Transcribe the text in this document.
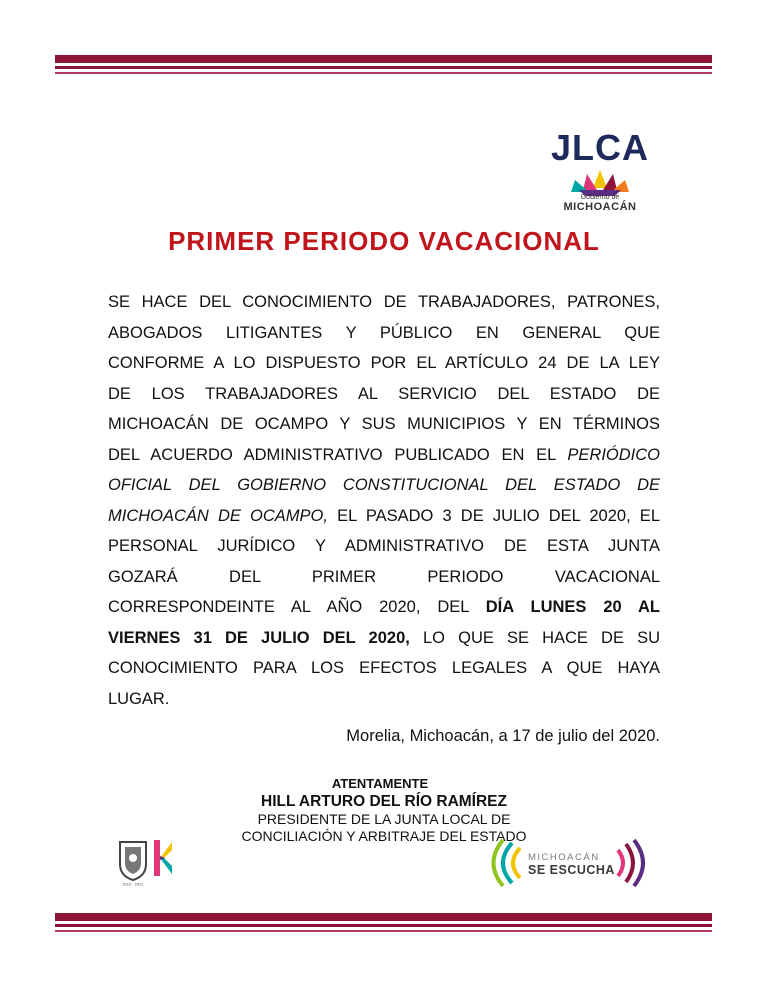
JLCA
Gobierno de
MICHOACÁN
PRIMER PERIODO VACACIONAL
SE HACE DEL CONOCIMIENTO DE TRABAJADORES, PATRONES,
ABOGADOS LITIGANTES Y PÚBLICO EN GENERAL QUE
CONFORME A LO DISPUESTO POR EL ARTÍCULO 24 DE LA LEY
DE LOS TRABAJADORES AL SERVICIO DEL ESTADO DE
MICHOACÁN DE OCAMPO Y SUS MUNICIPIOS Y EN TÉRMINOS
DEL ACUERDO ADMINISTRATIVO PUBLICADO EN EL PERIÓDICO
OFICIAL DEL GOBIERNO CONSTITUCIONAL DEL ESTADO DE
MICHOACÁN DE OCAMPO, EL PASADO 3 DE JULIO DEL 2020, EL
PERSONAL JURÍDICO Y ADMINISTRATIVO DE ESTA JUNTA
GOZARÁ DEL PRIMER PERIODO VACACIONAL
CORRESPONDEINTE AL AÑO 2020, DEL DÍA LUNES 20 AL
VIERNES 31 DE JULIO DEL 2020, LO QUE SE HACE DE SU
CONOCIMIENTO PARA LOS EFECTOS LEGALES A QUE HAYA
LUGAR.
Morelia, Michoacán, a 17 de julio del 2020.
ATENTAMENTE
HILL ARTURO DEL RÍO RAMÍREZ
PRESIDENTE DE LA JUNTA LOCAL DE
CONCILIACIÓN Y ARBITRAJE DEL ESTADO
2019 - 2021
MICHOACÁN
SE ESCUCHA
